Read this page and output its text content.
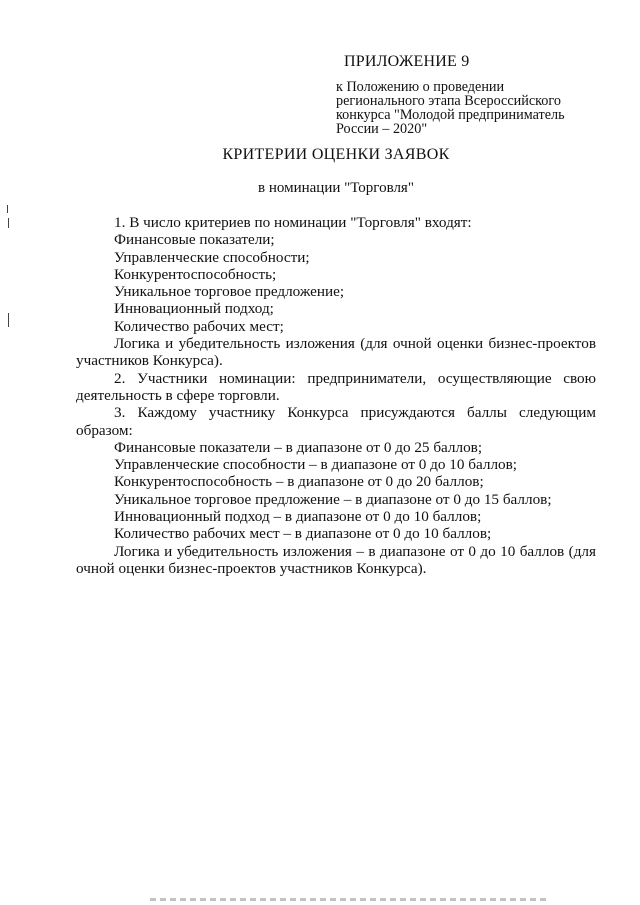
ПРИЛОЖЕНИЕ 9
к Положению о проведении
регионального этапа Всероссийского
конкурса "Молодой предприниматель
России – 2020"
КРИТЕРИИ ОЦЕНКИ ЗАЯВОК
в номинации "Торговля"
1. В число критериев по номинации "Торговля" входят:
Финансовые показатели;
Управленческие способности;
Конкурентоспособность;
Уникальное торговое предложение;
Инновационный подход;
Количество рабочих мест;

Логика и убедительность изложения (для очной оценки бизнес-проектов участников Конкурса).

2. Участники номинации: предприниматели, осуществляющие свою деятельность в сфере торговли.

3. Каждому участнику Конкурса присуждаются баллы следующим образом:

Финансовые показатели – в диапазоне от 0 до 25 баллов;
Управленческие способности – в диапазоне от 0 до 10 баллов;
Конкурентоспособность – в диапазоне от 0 до 20 баллов;
Уникальное торговое предложение – в диапазоне от 0 до 15 баллов;
Инновационный подход – в диапазоне от 0 до 10 баллов;
Количество рабочих мест – в диапазоне от 0 до 10 баллов;

Логика и убедительность изложения – в диапазоне от 0 до 10 баллов (для очной оценки бизнес-проектов участников Конкурса).
